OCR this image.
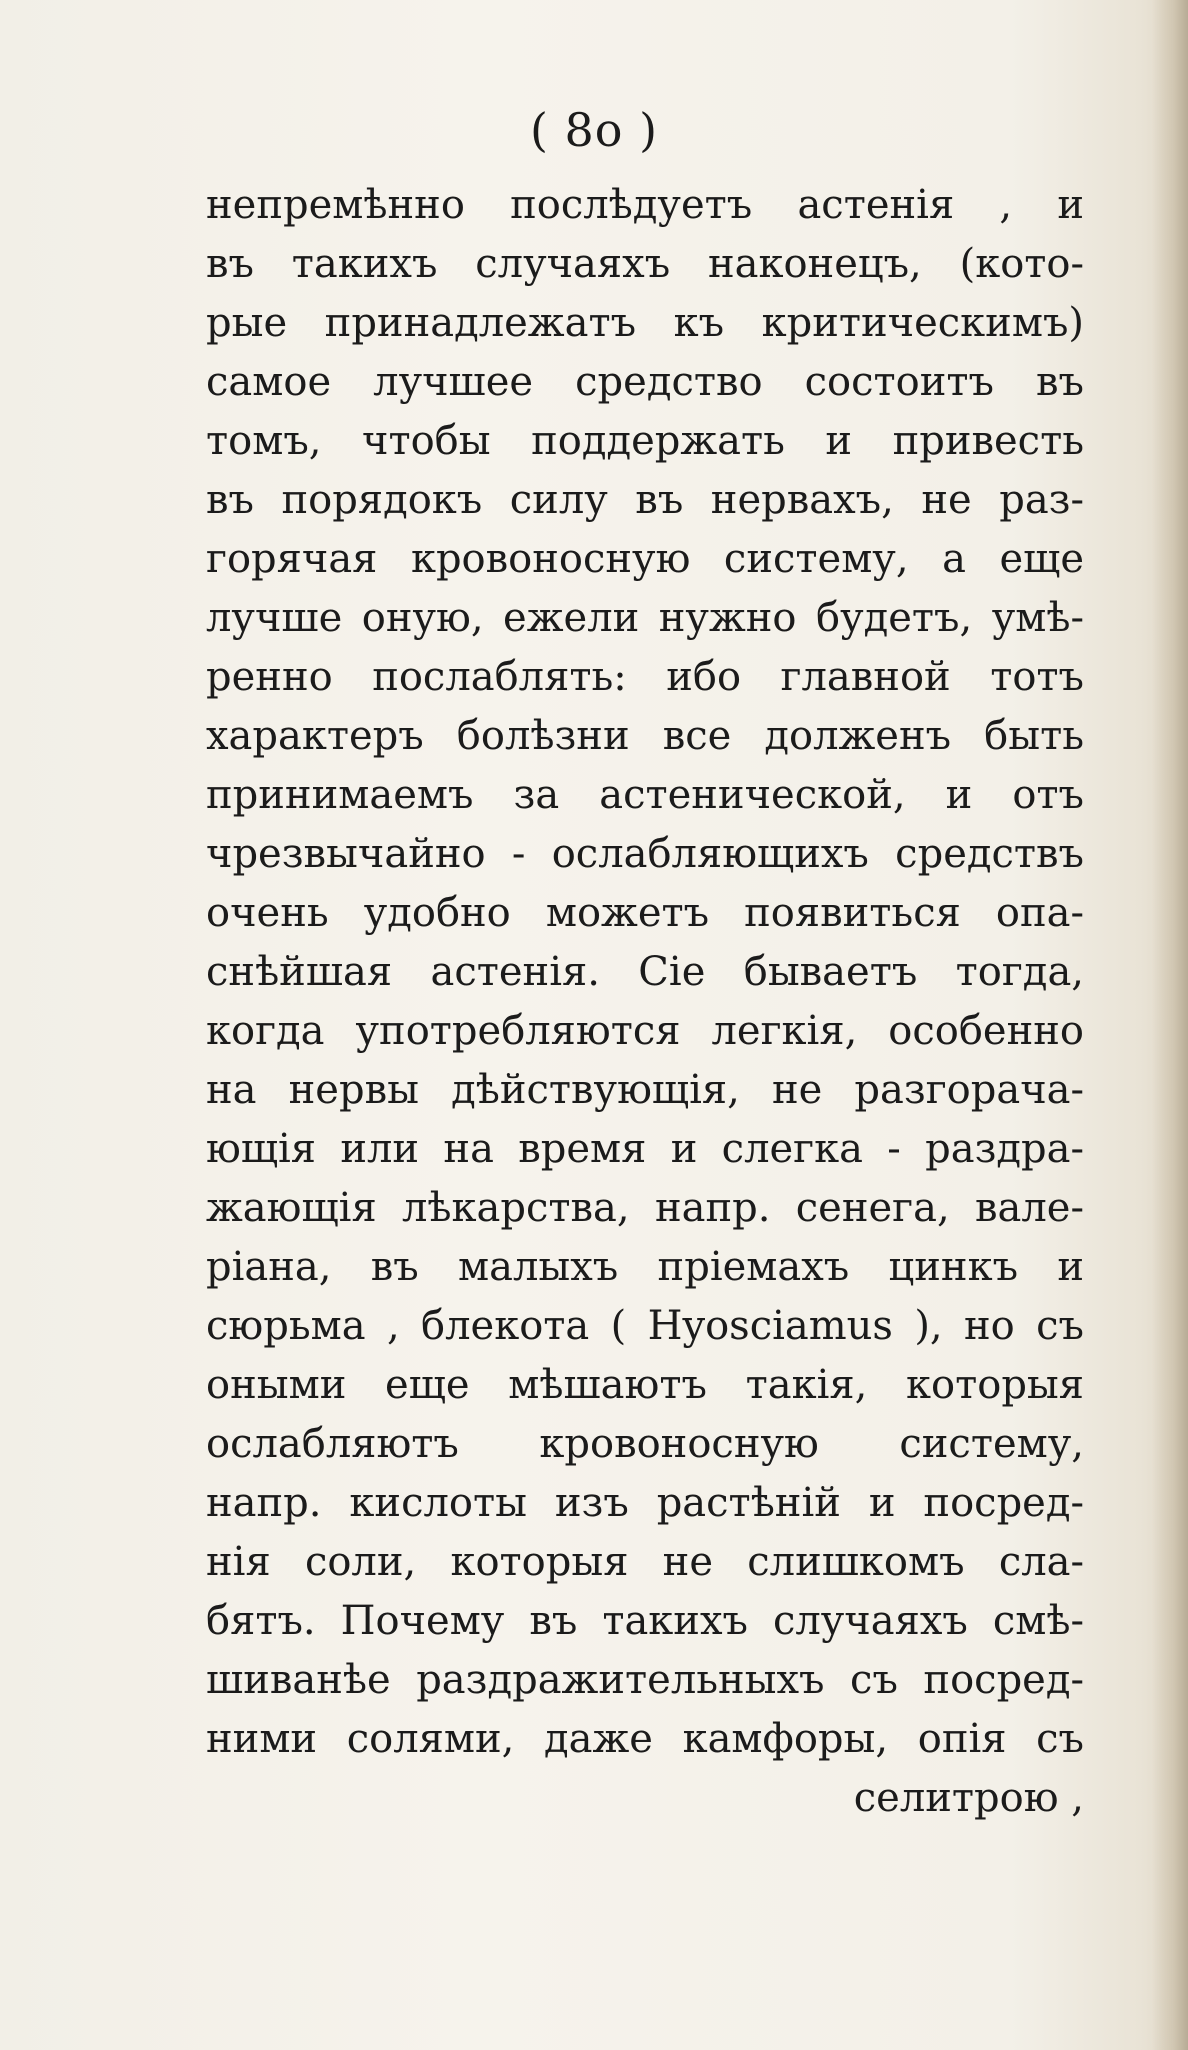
( 8o )
непремѣнно послѣдуетъ астенія , и
въ такихъ случаяхъ наконецъ, (кото-
рые принадлежатъ къ критическимъ)
самое лучшее средство состоитъ въ
томъ, чтобы поддержать и привесть
въ порядокъ силу въ нервахъ, не раз-
горячая кровоносную систему, а еще
лучше оную, ежели нужно будетъ, умѣ-
ренно послаблять: ибо главной тотъ
характеръ болѣзни все долженъ быть
принимаемъ за астенической, и отъ
чрезвычайно - ослабляющихъ средствъ
очень удобно можетъ появиться опа-
снѣйшая астенія. Сіе бываетъ тогда,
когда употребляются легкія, особенно
на нервы дѣйствующія, не разгорача-
ющія или на время и слегка - раздра-
жающія лѣкарства, напр. сенега, вале-
ріана, въ малыхъ пріемахъ цинкъ и
сюрьма , блекота ( Hyosciamus ), но съ
оными еще мѣшаютъ такія, которыя
ослабляютъ кровоносную систему,
напр. кислоты изъ растѣній и посред-
нія соли, которыя не слишкомъ сла-
бятъ. Почему въ такихъ случаяхъ смѣ-
шиванѣе раздражительныхъ съ посред-
ними солями, даже камфоры, опія съ
селитрою ,
